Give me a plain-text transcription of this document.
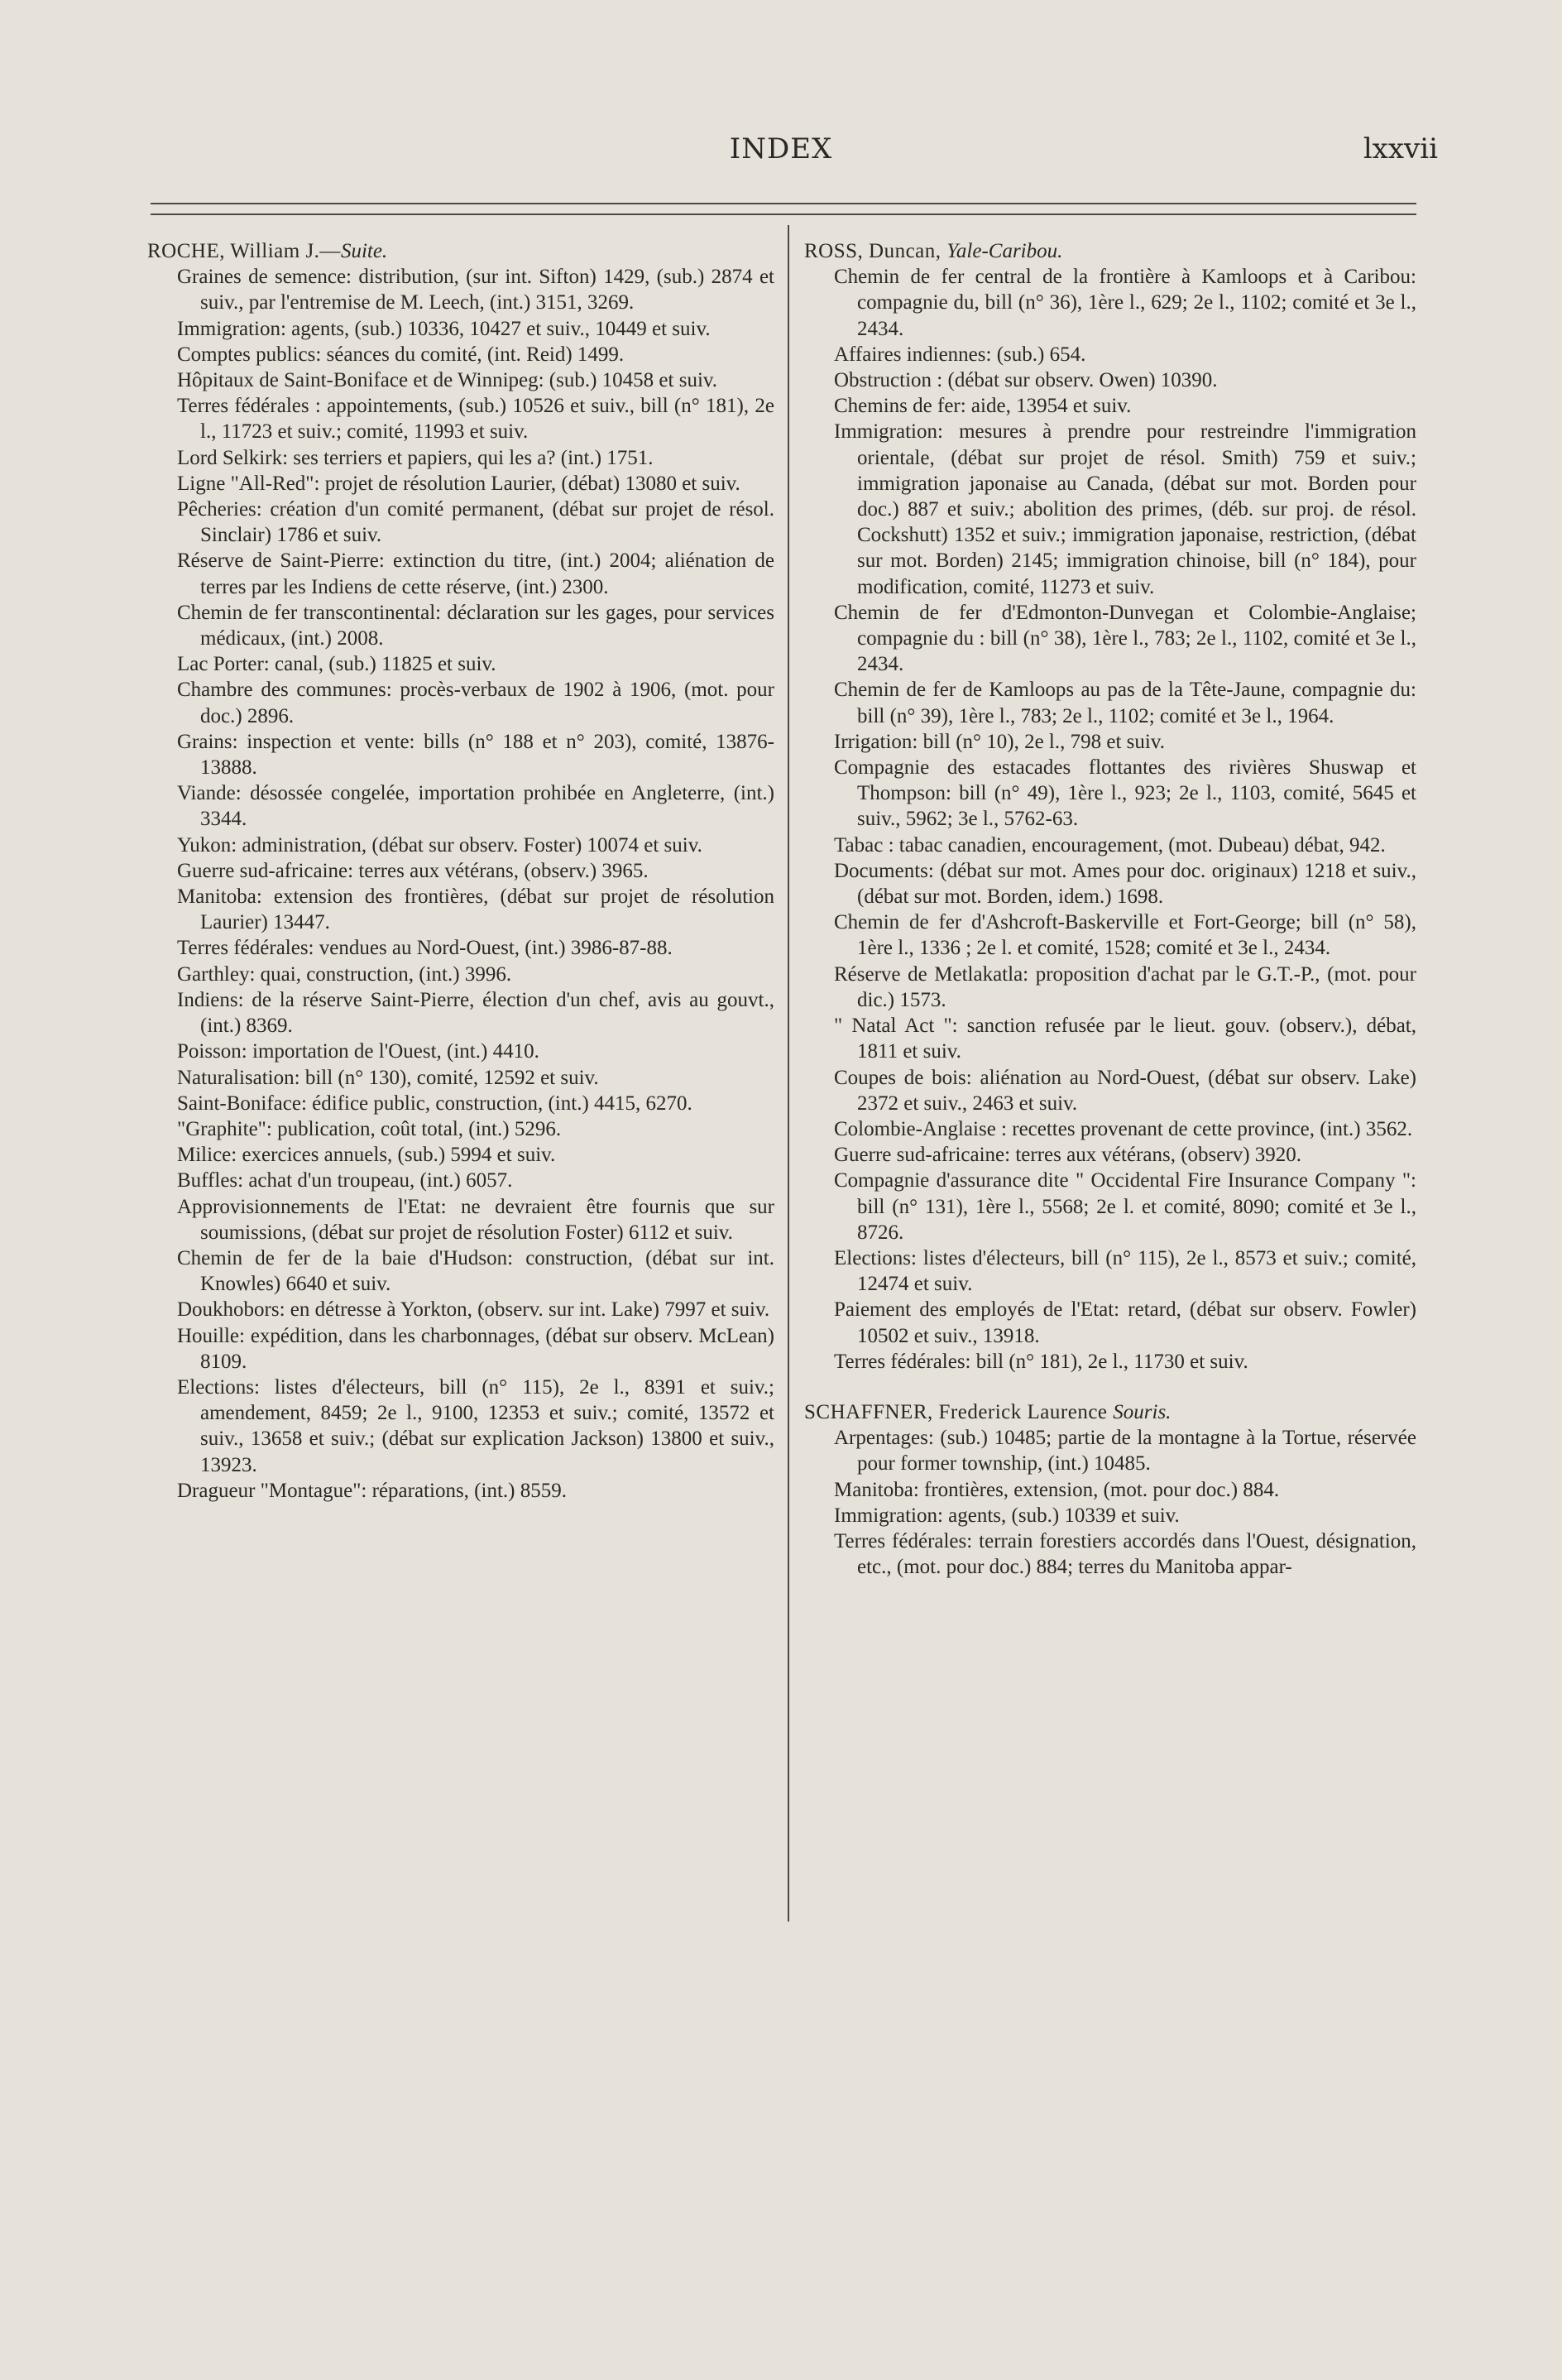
INDEX	lxxvii

ROCHE, William J.—Suite.

Graines de semence: distribution, (sur int. Sifton) 1429, (sub.) 2874 et suiv., par l'entremise de M. Leech, (int.) 3151, 3269.

Immigration: agents, (sub.) 10336, 10427 et suiv., 10449 et suiv.

Comptes publics: séances du comité, (int. Reid) 1499.

Hôpitaux de Saint-Boniface et de Winnipeg: (sub.) 10458 et suiv.

Terres fédérales : appointements, (sub.) 10526 et suiv., bill (n° 181), 2e l., 11723 et suiv.; comité, 11993 et suiv.

Lord Selkirk: ses terriers et papiers, qui les a? (int.) 1751.

Ligne "All-Red": projet de résolution Laurier, (débat) 13080 et suiv.

Pêcheries: création d'un comité permanent, (débat sur projet de résol. Sinclair) 1786 et suiv.

Réserve de Saint-Pierre: extinction du titre, (int.) 2004; aliénation de terres par les Indiens de cette réserve, (int.) 2300.

Chemin de fer transcontinental: déclaration sur les gages, pour services médicaux, (int.) 2008.

Lac Porter: canal, (sub.) 11825 et suiv.

Chambre des communes: procès-verbaux de 1902 à 1906, (mot. pour doc.) 2896.

Grains: inspection et vente: bills (n° 188 et n° 203), comité, 13876-13888.

Viande: désossée congelée, importation prohibée en Angleterre, (int.) 3344.

Yukon: administration, (débat sur observ. Foster) 10074 et suiv.

Guerre sud-africaine: terres aux vétérans, (observ.) 3965.

Manitoba: extension des frontières, (débat sur projet de résolution Laurier) 13447.

Terres fédérales: vendues au Nord-Ouest, (int.) 3986-87-88.

Garthley: quai, construction, (int.) 3996.

Indiens: de la réserve Saint-Pierre, élection d'un chef, avis au gouvt., (int.) 8369.

Poisson: importation de l'Ouest, (int.) 4410.

Naturalisation: bill (n° 130), comité, 12592 et suiv.

Saint-Boniface: édifice public, construction, (int.) 4415, 6270.

"Graphite": publication, coût total, (int.) 5296.

Milice: exercices annuels, (sub.) 5994 et suiv.

Buffles: achat d'un troupeau, (int.) 6057.

Approvisionnements de l'Etat: ne devraient être fournis que sur soumissions, (débat sur projet de résolution Foster) 6112 et suiv.

Chemin de fer de la baie d'Hudson: construction, (débat sur int. Knowles) 6640 et suiv.

Doukhobors: en détresse à Yorkton, (observ. sur int. Lake) 7997 et suiv.

Houille: expédition, dans les charbonnages, (débat sur observ. McLean) 8109.

Elections: listes d'électeurs, bill (n° 115), 2e l., 8391 et suiv.; amendement, 8459; 2e l., 9100, 12353 et suiv.; comité, 13572 et suiv., 13658 et suiv.; (débat sur explication Jackson) 13800 et suiv., 13923.

Dragueur "Montague": réparations, (int.) 8559.

ROSS, Duncan, Yale-Caribou.

Chemin de fer central de la frontière à Kamloops et à Caribou: compagnie du, bill (n° 36), 1ère l., 629; 2e l., 1102; comité et 3e l., 2434.

Affaires indiennes: (sub.) 654.

Obstruction : (débat sur observ. Owen) 10390.

Chemins de fer: aide, 13954 et suiv.

Immigration: mesures à prendre pour restreindre l'immigration orientale, (débat sur projet de résol. Smith) 759 et suiv.; immigration japonaise au Canada, (débat sur mot. Borden pour doc.) 887 et suiv.; abolition des primes, (déb. sur proj. de résol. Cockshutt) 1352 et suiv.; immigration japonaise, restriction, (débat sur mot. Borden) 2145; immigration chinoise, bill (n° 184), pour modification, comité, 11273 et suiv.

Chemin de fer d'Edmonton-Dunvegan et Colombie-Anglaise; compagnie du : bill (n° 38), 1ère l., 783; 2e l., 1102, comité et 3e l., 2434.

Chemin de fer de Kamloops au pas de la Tête-Jaune, compagnie du: bill (n° 39), 1ère l., 783; 2e l., 1102; comité et 3e l., 1964.

Irrigation: bill (n° 10), 2e l., 798 et suiv.

Compagnie des estacades flottantes des rivières Shuswap et Thompson: bill (n° 49), 1ère l., 923; 2e l., 1103, comité, 5645 et suiv., 5962; 3e l., 5762-63.

Tabac : tabac canadien, encouragement, (mot. Dubeau) débat, 942.

Documents: (débat sur mot. Ames pour doc. originaux) 1218 et suiv., (débat sur mot. Borden, idem.) 1698.

Chemin de fer d'Ashcroft-Baskerville et Fort-George; bill (n° 58), 1ère l., 1336 ; 2e l. et comité, 1528; comité et 3e l., 2434.

Réserve de Metlakatla: proposition d'achat par le G.T.-P., (mot. pour dic.) 1573.

" Natal Act ": sanction refusée par le lieut. gouv. (observ.), débat, 1811 et suiv.

Coupes de bois: aliénation au Nord-Ouest, (débat sur observ. Lake) 2372 et suiv., 2463 et suiv.

Colombie-Anglaise : recettes provenant de cette province, (int.) 3562.

Guerre sud-africaine: terres aux vétérans, (observ) 3920.

Compagnie d'assurance dite " Occidental Fire Insurance Company ": bill (n° 131), 1ère l., 5568; 2e l. et comité, 8090; comité et 3e l., 8726.

Elections: listes d'électeurs, bill (n° 115), 2e l., 8573 et suiv.; comité, 12474 et suiv.

Paiement des employés de l'Etat: retard, (débat sur observ. Fowler) 10502 et suiv., 13918.

Terres fédérales: bill (n° 181), 2e l., 11730 et suiv.

SCHAFFNER, Frederick Laurence Souris.

Arpentages: (sub.) 10485; partie de la montagne à la Tortue, réservée pour former township, (int.) 10485.

Manitoba: frontières, extension, (mot. pour doc.) 884.

Immigration: agents, (sub.) 10339 et suiv.

Terres fédérales: terrain forestiers accordés dans l'Ouest, désignation, etc., (mot. pour doc.) 884; terres du Manitoba appar-
